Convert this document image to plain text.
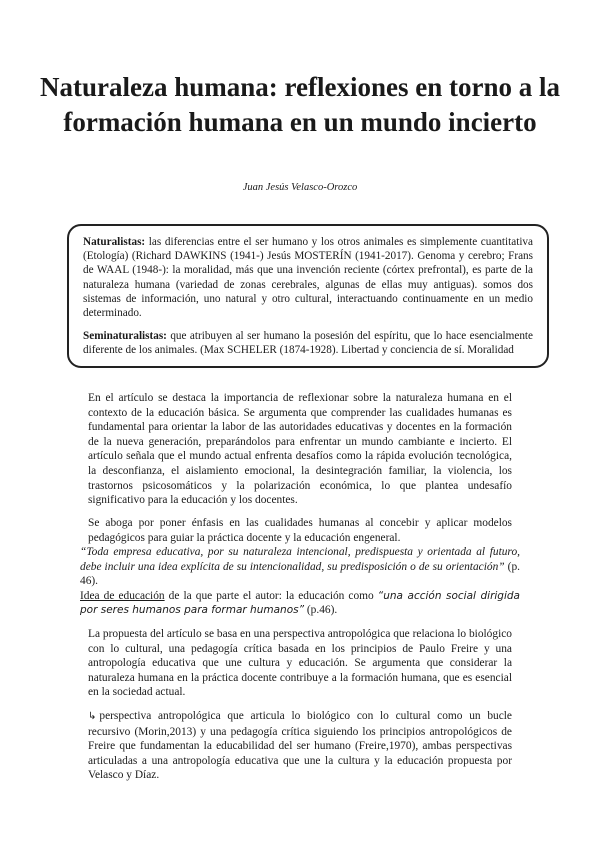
Naturaleza humana: reflexiones en torno a la formación humana en un mundo incierto
Juan Jesús Velasco-Orozco

Naturalistas: las diferencias entre el ser humano y los otros animales es simplemente cuantitativa (Etología) (Richard DAWKINS (1941-) Jesús MOSTERÍN (1941-2017). Genoma y cerebro; Frans de WAAL (1948-): la moralidad, más que una invención reciente (córtex prefrontal), es parte de la naturaleza humana (variedad de zonas cerebrales, algunas de ellas muy antiguas). somos dos sistemas de información, uno natural y otro cultural, interactuando continuamente en un medio determinado.

Seminaturalistas: que atribuyen al ser humano la posesión del espíritu, que lo hace esencialmente diferente de los animales. (Max SCHELER (1874-1928). Libertad y conciencia de sí. Moralidad

En el artículo se destaca la importancia de reflexionar sobre la naturaleza humana en el contexto de la educación básica. Se argumenta que comprender las cualidades humanas es fundamental para orientar la labor de las autoridades educativas y docentes en la formación de la nueva generación, preparándolos para enfrentar un mundo cambiante e incierto. El artículo señala que el mundo actual enfrenta desafíos como la rápida evolución tecnológica, la desconfianza, el aislamiento emocional, la desintegración familiar, la violencia, los trastornos psicosomáticos y la polarización económica, lo que plantea undesafío significativo para la educación y los docentes.

Se aboga por poner énfasis en las cualidades humanas al concebir y aplicar modelos pedagógicos para guiar la práctica docente y la educación engeneral.

“Toda empresa educativa, por su naturaleza intencional, predispuesta y orientada al futuro, debe incluir una idea explícita de su intencionalidad, su predisposición o de su orientación” (p. 46).

Idea de educación de la que parte el autor: la educación como “una acción social dirigida por seres humanos para formar humanos” (p.46).

La propuesta del artículo se basa en una perspectiva antropológica que relaciona lo biológico con lo cultural, una pedagogía crítica basada en los principios de Paulo Freire y una antropología educativa que une cultura y educación. Se argumenta que considerar la naturaleza humana en la práctica docente contribuye a la formación humana, que es esencial en la sociedad actual.

↳ perspectiva antropológica que articula lo biológico con lo cultural como un bucle recursivo (Morin,2013) y una pedagogía crítica siguiendo los principios antropológicos de Freire que fundamentan la educabilidad del ser humano (Freire,1970), ambas perspectivas articuladas a una antropología educativa que une la cultura y la educación propuesta por Velasco y Díaz.
